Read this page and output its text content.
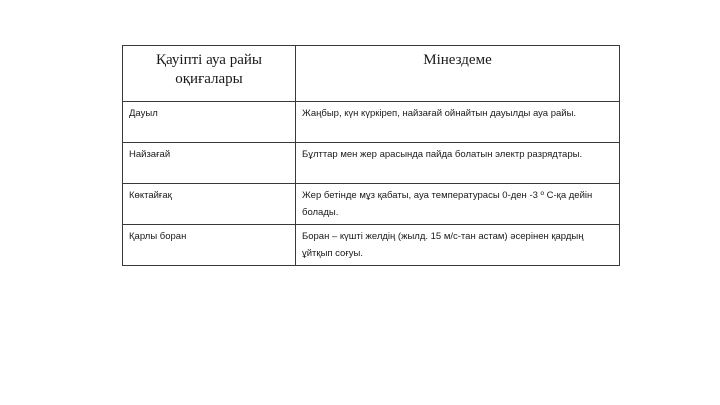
Қауіпті ауа райы оқиғалары	Мінездеме
Дауыл	Жаңбыр, күн күркіреп, найзағай ойнайтын дауылды ауа райы.
Найзағай	Бұлттар мен жер арасында пайда болатын электр разрядтары.
Көктайғақ	Жер бетінде мұз қабаты, ауа температурасы 0-ден -3 º С-қа дейін болады.
Қарлы боран	Боран – күшті желдің (жылд. 15 м/с-тан астам) әсерінен қардың ұйтқып соғуы.
